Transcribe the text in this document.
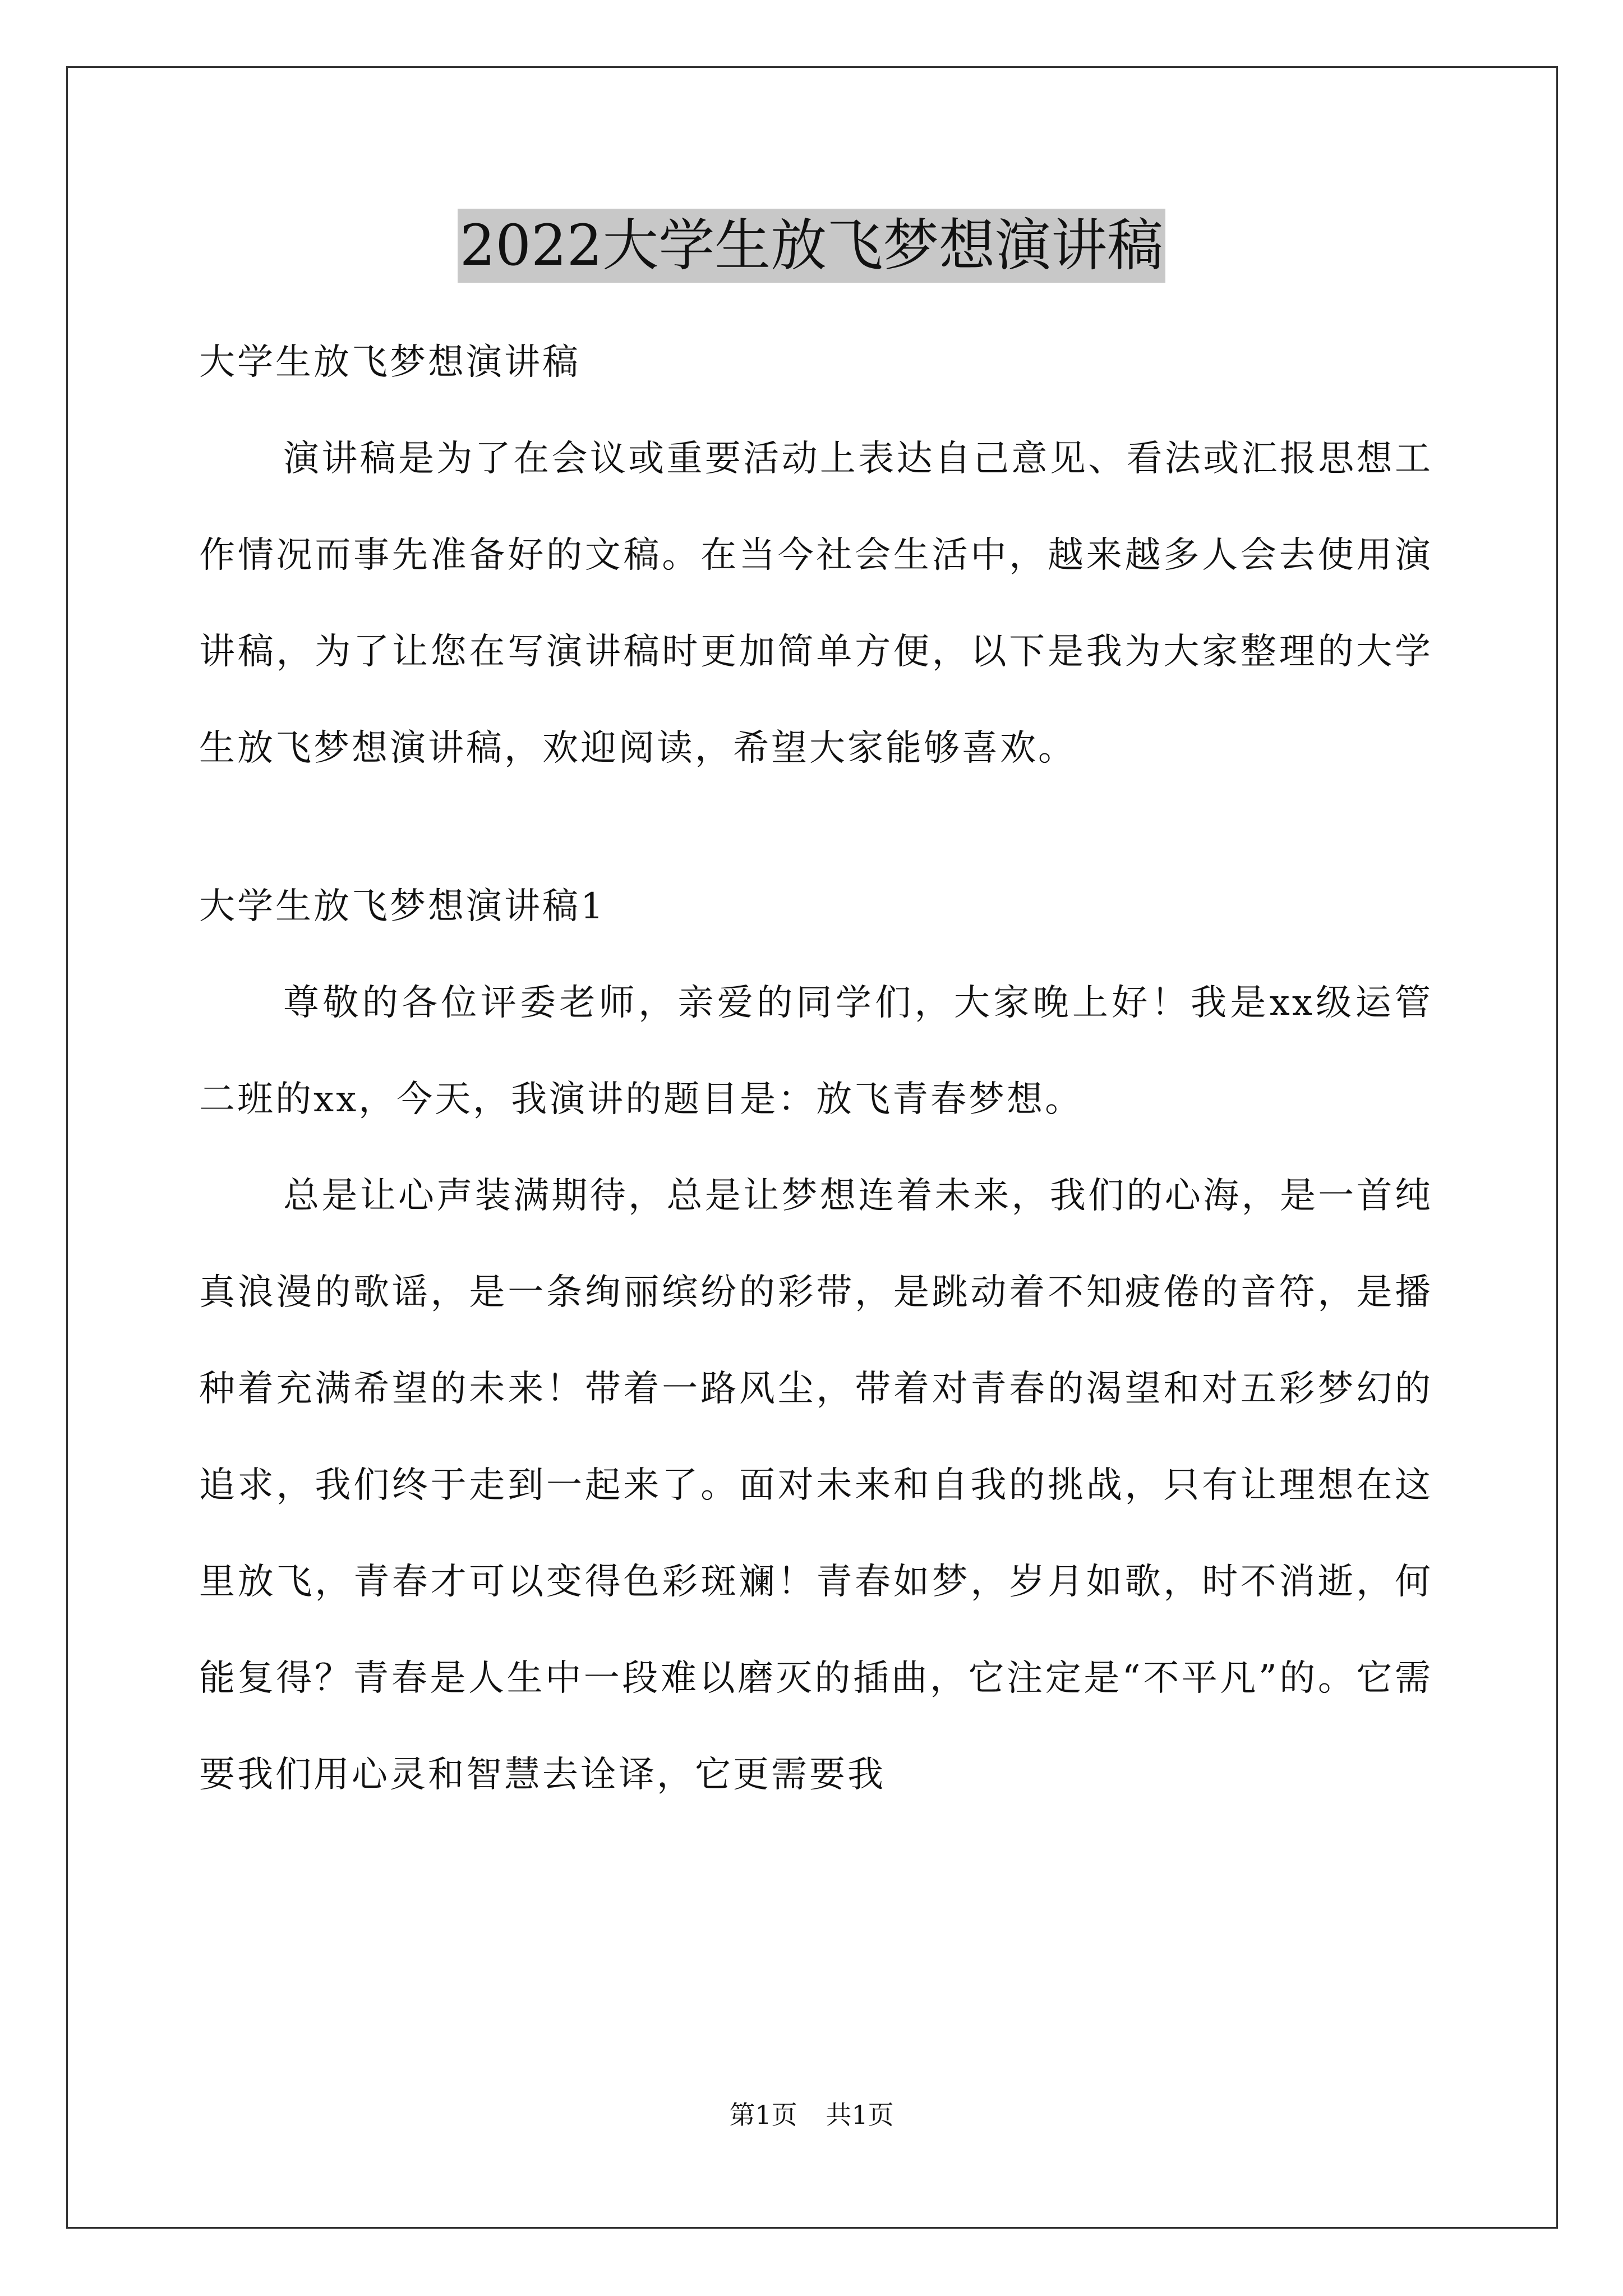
2022大学生放飞梦想演讲稿
大学生放飞梦想演讲稿

演讲稿是为了在会议或重要活动上表达自己意见、看法或汇报思想工作情况而事先准备好的文稿。在当今社会生活中，越来越多人会去使用演讲稿，为了让您在写演讲稿时更加简单方便，以下是我为大家整理的大学生放飞梦想演讲稿，欢迎阅读，希望大家能够喜欢。

大学生放飞梦想演讲稿1

尊敬的各位评委老师，亲爱的同学们，大家晚上好！我是xx级运管二班的xx，今天，我演讲的题目是：放飞青春梦想。

总是让心声装满期待，总是让梦想连着未来，我们的心海，是一首纯真浪漫的歌谣，是一条绚丽缤纷的彩带，是跳动着不知疲倦的音符，是播种着充满希望的未来！带着一路风尘，带着对青春的渴望和对五彩梦幻的追求，我们终于走到一起来了。面对未来和自我的挑战，只有让理想在这里放飞，青春才可以变得色彩斑斓！青春如梦，岁月如歌，时不消逝，何能复得？青春是人生中一段难以磨灭的插曲，它注定是“不平凡”的。它需要我们用心灵和智慧去诠译，它更需要我

第1页 共1页
